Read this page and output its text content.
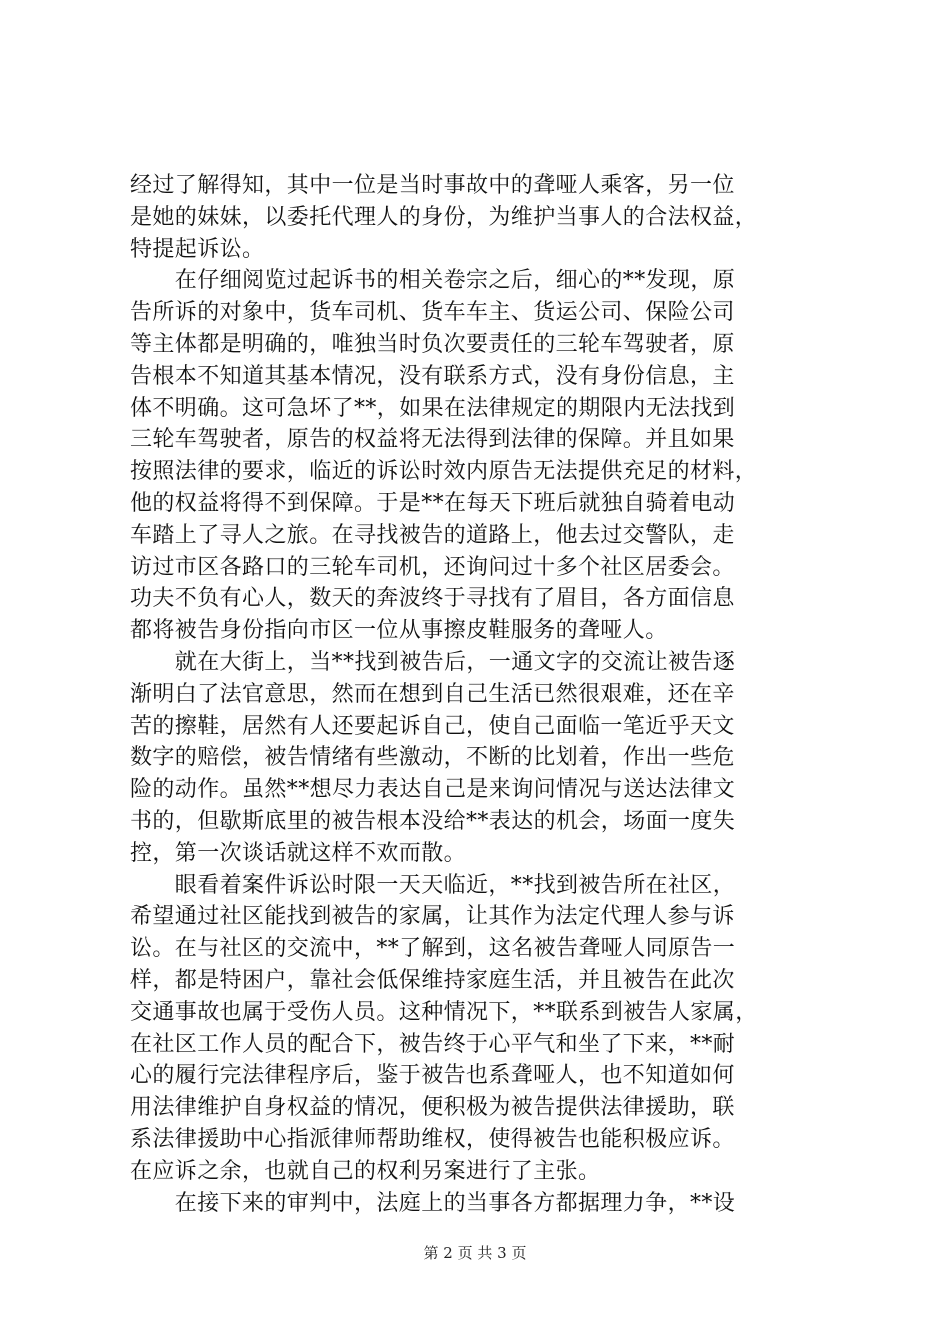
经过了解得知，其中一位是当时事故中的聋哑人乘客，另一位
是她的妹妹，以委托代理人的身份，为维护当事人的合法权益，
特提起诉讼。
　　在仔细阅览过起诉书的相关卷宗之后，细心的**发现，原
告所诉的对象中，货车司机、货车车主、货运公司、保险公司
等主体都是明确的，唯独当时负次要责任的三轮车驾驶者，原
告根本不知道其基本情况，没有联系方式，没有身份信息，主
体不明确。这可急坏了**，如果在法律规定的期限内无法找到
三轮车驾驶者，原告的权益将无法得到法律的保障。并且如果
按照法律的要求，临近的诉讼时效内原告无法提供充足的材料，
他的权益将得不到保障。于是**在每天下班后就独自骑着电动
车踏上了寻人之旅。在寻找被告的道路上，他去过交警队，走
访过市区各路口的三轮车司机，还询问过十多个社区居委会。
功夫不负有心人，数天的奔波终于寻找有了眉目，各方面信息
都将被告身份指向市区一位从事擦皮鞋服务的聋哑人。
　　就在大街上，当**找到被告后，一通文字的交流让被告逐
渐明白了法官意思，然而在想到自己生活已然很艰难，还在辛
苦的擦鞋，居然有人还要起诉自己，使自己面临一笔近乎天文
数字的赔偿，被告情绪有些激动，不断的比划着，作出一些危
险的动作。虽然**想尽力表达自己是来询问情况与送达法律文
书的，但歇斯底里的被告根本没给**表达的机会，场面一度失
控，第一次谈话就这样不欢而散。
　　眼看着案件诉讼时限一天天临近，**找到被告所在社区，
希望通过社区能找到被告的家属，让其作为法定代理人参与诉
讼。在与社区的交流中，**了解到，这名被告聋哑人同原告一
样，都是特困户，靠社会低保维持家庭生活，并且被告在此次
交通事故也属于受伤人员。这种情况下，**联系到被告人家属，
在社区工作人员的配合下，被告终于心平气和坐了下来，**耐
心的履行完法律程序后，鉴于被告也系聋哑人，也不知道如何
用法律维护自身权益的情况，便积极为被告提供法律援助，联
系法律援助中心指派律师帮助维权，使得被告也能积极应诉。
在应诉之余，也就自己的权利另案进行了主张。
　　在接下来的审判中，法庭上的当事各方都据理力争，**设
第 2 页 共 3 页
